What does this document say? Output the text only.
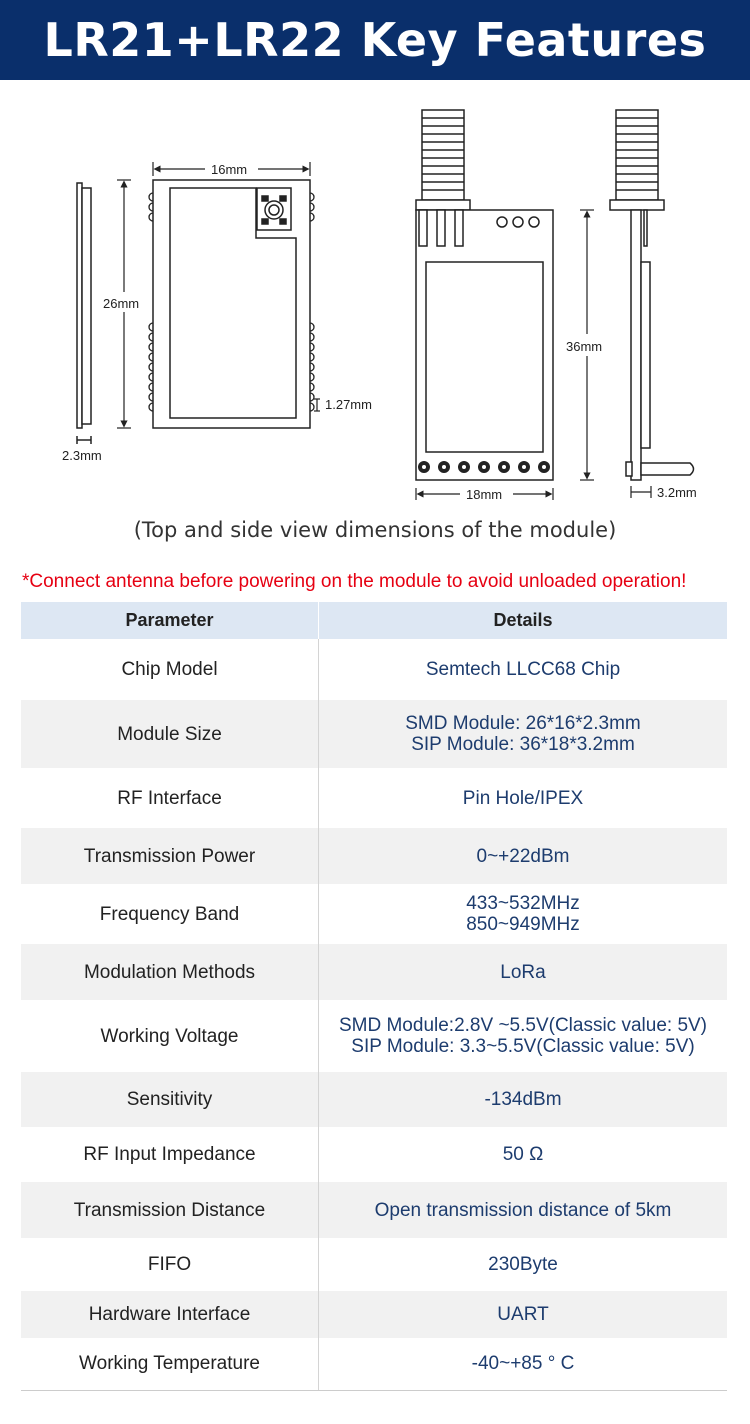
LR21+LR22 Key Features
2.3mm
26mm
16mm
1.27mm
18mm
36mm
3.2mm
(Top and side view dimensions of the module)
*Connect antenna before powering on the module to avoid unloaded operation!
Parameter	Details
Chip Model	Semtech LLCC68 Chip

Module Size	SMD Module: 26*16*2.3mm
SIP Module: 36*18*3.2mm

RF Interface	Pin Hole/IPEX

Transmission Power	0~+22dBm

Frequency Band	433~532MHz
850~949MHz

Modulation Methods	LoRa

Working Voltage	SMD Module:2.8V ~5.5V(Classic value: 5V)
SIP Module: 3.3~5.5V(Classic value: 5V)

Sensitivity	-134dBm

RF Input Impedance	50 Ω

Transmission Distance	Open transmission distance of 5km

FIFO	230Byte

Hardware Interface	UART

Working Temperature	-40~+85 ° C
